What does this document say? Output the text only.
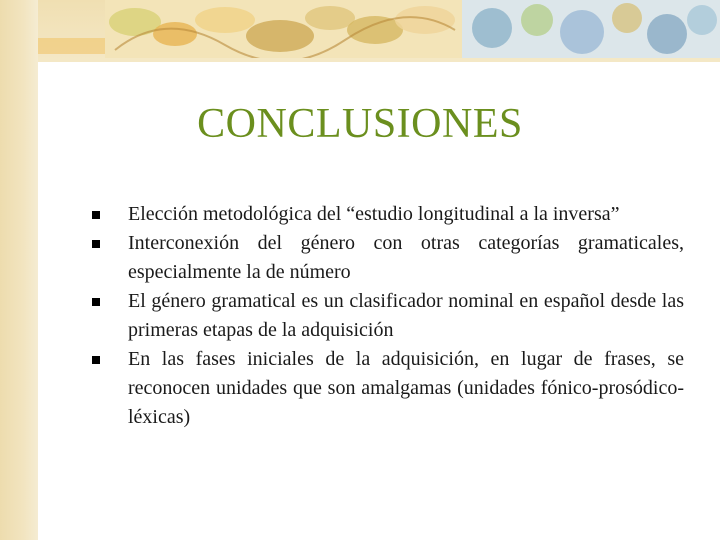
CONCLUSIONES
Elección metodológica del “estudio longitudinal a la inversa”
Interconexión del género con otras categorías gramaticales, especialmente la de número
El género gramatical es un clasificador nominal en español desde las primeras etapas de la adquisición
En las fases iniciales de la adquisición, en lugar de frases, se reconocen unidades que son amalgamas (unidades fónico-prosódico-léxicas)
